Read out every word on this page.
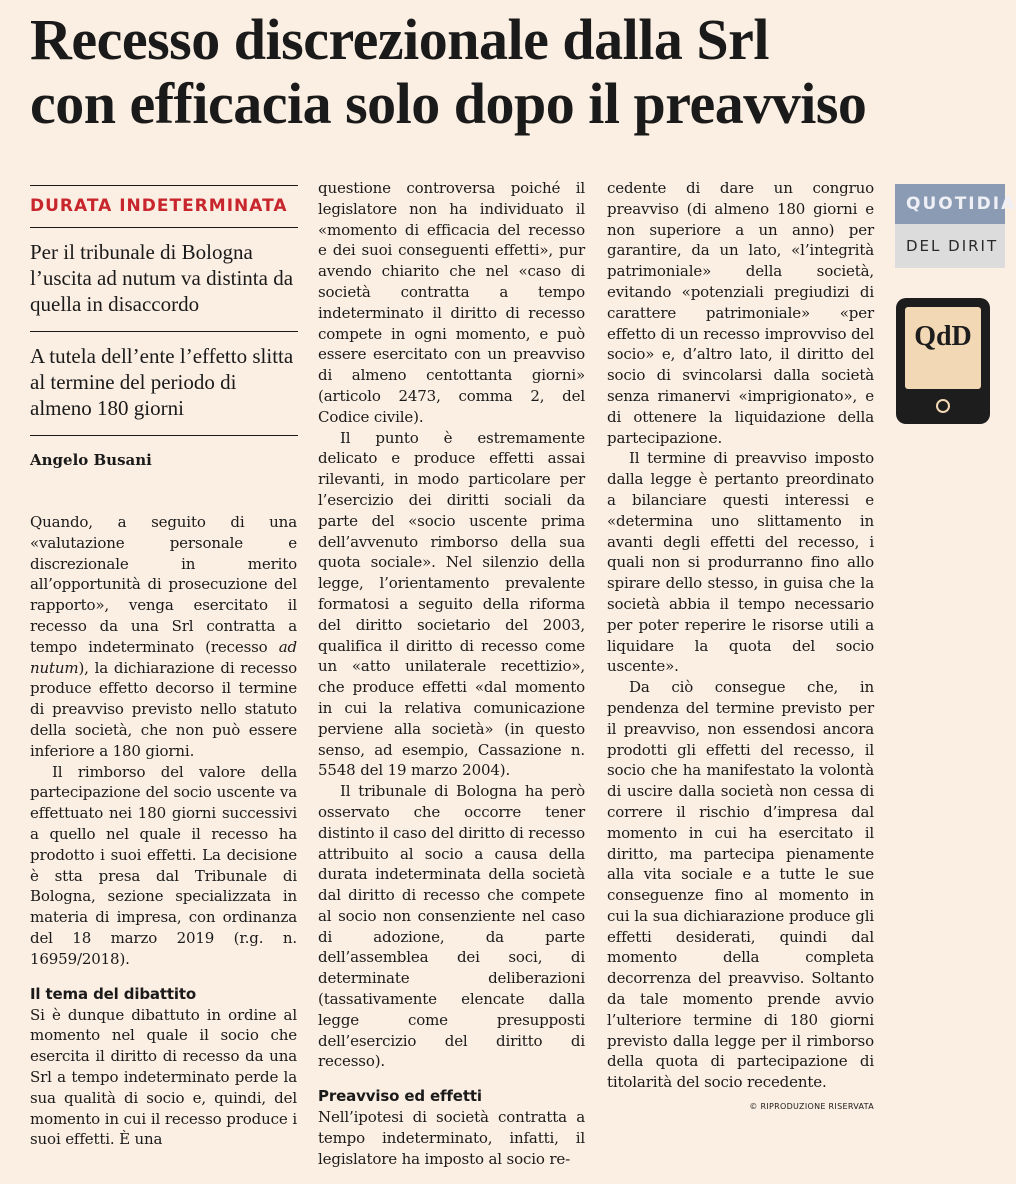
Recesso discrezionale dalla Srl
con efficacia solo dopo il preavviso
DURATA INDETERMINATA
Per il tribunale di Bologna l’uscita ad nutum va distinta da quella in disaccordo
A tutela dell’ente l’effetto slitta al termine del periodo di almeno 180 giorni
Angelo Busani

Quando, a seguito di una «valutazione personale e discrezionale in merito all’opportunità di prosecuzione del rapporto», venga esercitato il recesso da una Srl contratta a tempo indeterminato (recesso ad nutum), la dichiarazione di recesso produce effetto decorso il termine di preavviso previsto nello statuto della società, che non può essere inferiore a 180 giorni.

Il rimborso del valore della partecipazione del socio uscente va effettuato nei 180 giorni successivi a quello nel quale il recesso ha prodotto i suoi effetti. La decisione è stta presa dal Tribunale di Bologna, sezione specializzata in materia di impresa, con ordinanza del 18 marzo 2019 (r.g. n. 16959/2018).

Il tema del dibattito

Si è dunque dibattuto in ordine al momento nel quale il socio che esercita il diritto di recesso da una Srl a tempo indeterminato perde la sua qualità di socio e, quindi, del momento in cui il recesso produce i suoi effetti. È una

questione controversa poiché il legislatore non ha individuato il «momento di efficacia del recesso e dei suoi conseguenti effetti», pur avendo chiarito che nel «caso di società contratta a tempo indeterminato il diritto di recesso compete in ogni momento, e può essere esercitato con un preavviso di almeno centottanta giorni» (articolo 2473, comma 2, del Codice civile).

Il punto è estremamente delicato e produce effetti assai rilevanti, in modo particolare per l’esercizio dei diritti sociali da parte del «socio uscente prima dell’avvenuto rimborso della sua quota sociale». Nel silenzio della legge, l’orientamento prevalente formatosi a seguito della riforma del diritto societario del 2003, qualifica il diritto di recesso come un «atto unilaterale recettizio», che produce effetti «dal momento in cui la relativa comunicazione perviene alla società» (in questo senso, ad esempio, Cassazione n. 5548 del 19 marzo 2004).

Il tribunale di Bologna ha però osservato che occorre tener distinto il caso del diritto di recesso attribuito al socio a causa della durata indeterminata della società dal diritto di recesso che compete al socio non consenziente nel caso di adozione, da parte dell’assemblea dei soci, di determinate deliberazioni (tassativamente elencate dalla legge come presupposti dell’esercizio del diritto di recesso).

Preavviso ed effetti

Nell’ipotesi di società contratta a tempo indeterminato, infatti, il legislatore ha imposto al socio re-

cedente di dare un congruo preavviso (di almeno 180 giorni e non superiore a un anno) per garantire, da un lato, «l’integrità patrimoniale» della società, evitando «potenziali pregiudizi di carattere patrimoniale» «per effetto di un recesso improvviso del socio» e, d’altro lato, il diritto del socio di svincolarsi dalla società senza rimanervi «imprigionato», e di ottenere la liquidazione della partecipazione.

Il termine di preavviso imposto dalla legge è pertanto preordinato a bilanciare questi interessi e «determina uno slittamento in avanti degli effetti del recesso, i quali non si produrranno fino allo spirare dello stesso, in guisa che la società abbia il tempo necessario per poter reperire le risorse utili a liquidare la quota del socio uscente».

Da ciò consegue che, in pendenza del termine previsto per il preavviso, non essendosi ancora prodotti gli effetti del recesso, il socio che ha manifestato la volontà di uscire dalla società non cessa di correre il rischio d’impresa dal momento in cui ha esercitato il diritto, ma partecipa pienamente alla vita sociale e a tutte le sue conseguenze fino al momento in cui la sua dichiarazione produce gli effetti desiderati, quindi dal momento della completa decorrenza del preavviso. Soltanto da tale momento prende avvio l’ulteriore termine di 180 giorni previsto dalla legge per il rimborso della quota di partecipazione di titolarità del socio recedente.

© RIPRODUZIONE RISERVATA
QUOTIDIA
DEL DIRIT
QdD
